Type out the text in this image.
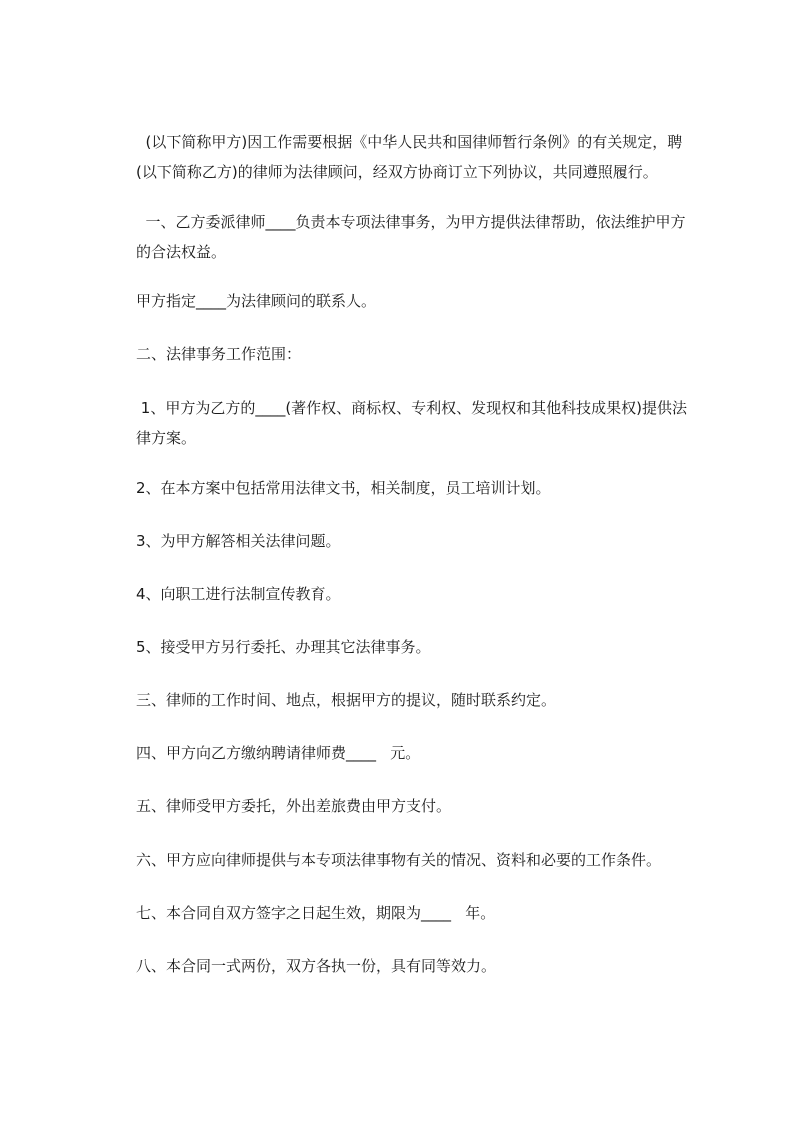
(以下简称甲方)因工作需要根据《中华人民共和国律师暂行条例》的有关规定，聘(以下简称乙方)的律师为法律顾问，经双方协商订立下列协议，共同遵照履行。

一、乙方委派律师____负责本专项法律事务，为甲方提供法律帮助，依法维护甲方的合法权益。

甲方指定____为法律顾问的联系人。

二、法律事务工作范围：

1、甲方为乙方的____(著作权、商标权、专利权、发现权和其他科技成果权)提供法律方案。

2、在本方案中包括常用法律文书，相关制度，员工培训计划。

3、为甲方解答相关法律问题。

4、向职工进行法制宣传教育。

5、接受甲方另行委托、办理其它法律事务。

三、律师的工作时间、地点，根据甲方的提议，随时联系约定。

四、甲方向乙方缴纳聘请律师费____   元。

五、律师受甲方委托，外出差旅费由甲方支付。

六、甲方应向律师提供与本专项法律事物有关的情况、资料和必要的工作条件。

七、本合同自双方签字之日起生效，期限为____   年。

八、本合同一式两份，双方各执一份，具有同等效力。
